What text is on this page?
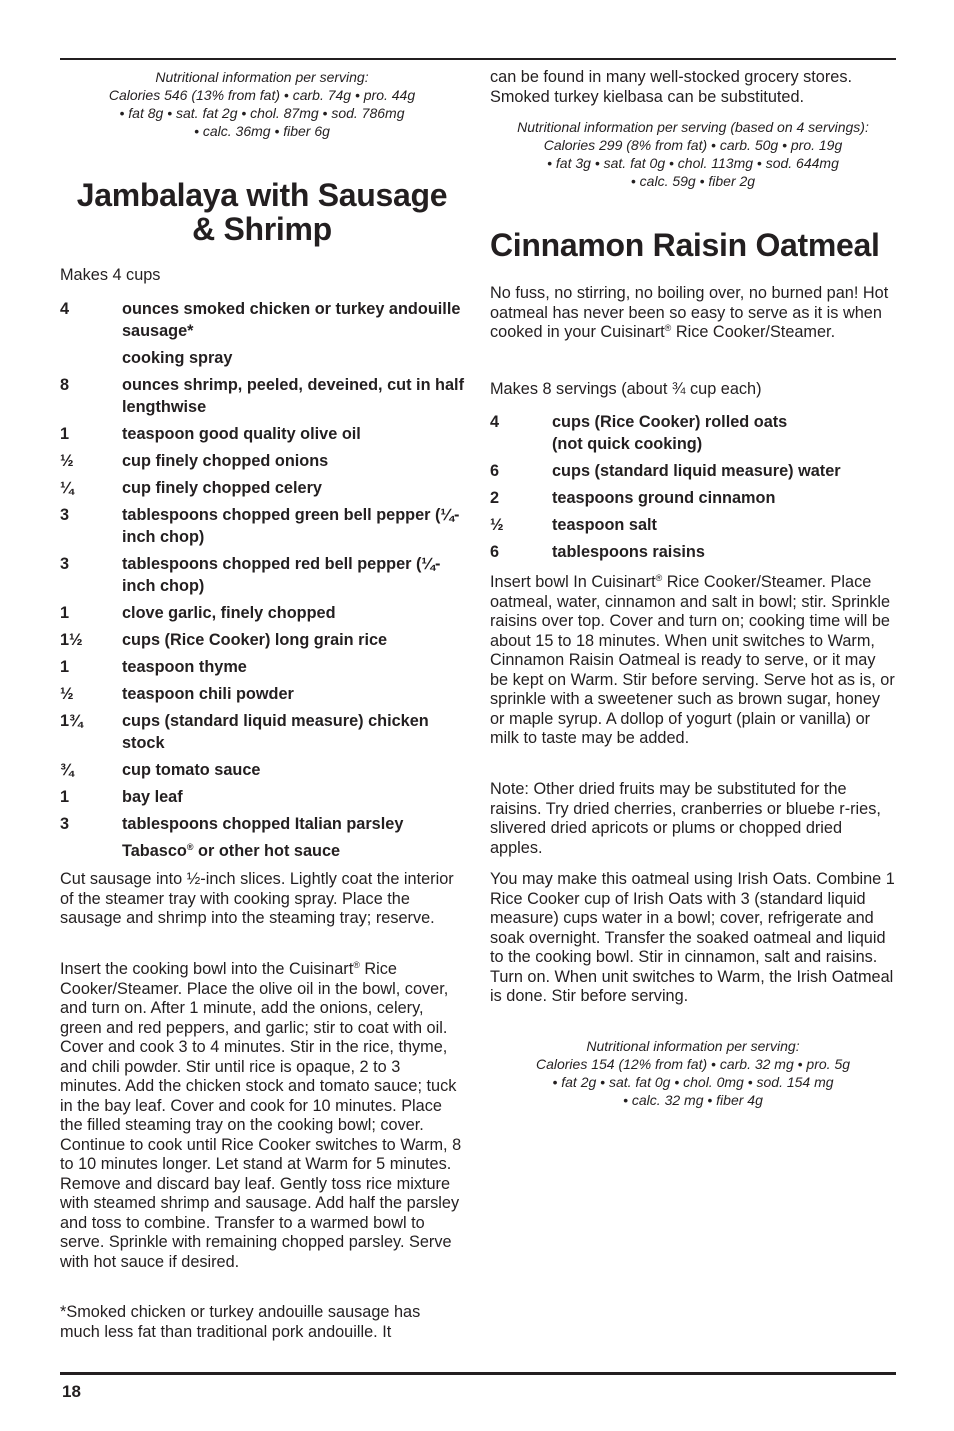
Nutritional information per serving:
Calories 546 (13% from fat) • carb. 74g • pro. 44g
• fat 8g • sat. fat 2g • chol. 87mg • sod. 786mg
• calc. 36mg • fiber 6g
Jambalaya with Sausage
& Shrimp
Makes 4 cups
4	ounces smoked chicken or turkey andouille sausage*
cooking spray
8	ounces shrimp, peeled, deveined, cut in half lengthwise
1	teaspoon good quality olive oil
½	cup finely chopped onions
¼	cup finely chopped celery
3	tablespoons chopped green bell pepper (¼-inch chop)
3	tablespoons chopped red bell pepper (¼-inch chop)
1	clove garlic, finely chopped
1½	cups (Rice Cooker) long grain rice
1	teaspoon thyme
½	teaspoon chili powder
1¾	cups (standard liquid measure) chicken stock
¾	cup tomato sauce
1	bay leaf
3	tablespoons chopped Italian parsley
Tabasco® or other hot sauce
Cut sausage into ½-inch slices. Lightly coat the interior of the steamer tray with cooking spray. Place the sausage and shrimp into the steaming tray; reserve.
Insert the cooking bowl into the Cuisinart® Rice Cooker/Steamer. Place the olive oil in the bowl, cover, and turn on. After 1 minute, add the onions, celery, green and red peppers, and garlic; stir to coat with oil. Cover and cook 3 to 4 minutes. Stir in the rice, thyme, and chili powder. Stir until rice is opaque, 2 to 3 minutes. Add the chicken stock and tomato sauce; tuck in the bay leaf. Cover and cook for 10 minutes. Place the filled steaming tray on the cooking bowl; cover. Continue to cook until Rice Cooker switches to Warm, 8 to 10 minutes longer. Let stand at Warm for 5 minutes. Remove and discard bay leaf. Gently toss rice mixture with steamed shrimp and sausage. Add half the parsley and toss to combine. Transfer to a warmed bowl to serve. Sprinkle with remaining chopped parsley. Serve with hot sauce if desired.
*Smoked chicken or turkey andouille sausage has much less fat than traditional pork andouille. It
can be found in many well-stocked grocery stores. Smoked turkey kielbasa can be substituted.
Nutritional information per serving (based on 4 servings):
Calories 299 (8% from fat) • carb. 50g • pro. 19g
• fat 3g • sat. fat 0g • chol. 113mg • sod. 644mg
• calc. 59g • fiber 2g
Cinnamon Raisin Oatmeal
No fuss, no stirring, no boiling over, no burned pan! Hot oatmeal has never been so easy to serve as it is when cooked in your Cuisinart® Rice Cooker/Steamer.
Makes 8 servings (about ¾ cup each)
4	cups (Rice Cooker) rolled oats (not quick cooking)
6	cups (standard liquid measure) water
2	teaspoons ground cinnamon
½	teaspoon salt
6	tablespoons raisins
Insert bowl In Cuisinart® Rice Cooker/Steamer. Place oatmeal, water, cinnamon and salt in bowl; stir. Sprinkle raisins over top. Cover and turn on; cooking time will be about 15 to 18 minutes. When unit switches to Warm, Cinnamon Raisin Oatmeal is ready to serve, or it may be kept on Warm. Stir before serving. Serve hot as is, or sprinkle with a sweetener such as brown sugar, honey or maple syrup. A dollop of yogurt (plain or vanilla) or milk to taste may be added.
Note: Other dried fruits may be substituted for the raisins. Try dried cherries, cranberries or bluebe r-ries, slivered dried apricots or plums or chopped dried apples.
You may make this oatmeal using Irish Oats. Combine 1 Rice Cooker cup of Irish Oats with 3 (standard liquid measure) cups water in a bowl; cover, refrigerate and soak overnight. Transfer the soaked oatmeal and liquid to the cooking bowl. Stir in cinnamon, salt and raisins. Turn on. When unit switches to Warm, the Irish Oatmeal is done. Stir before serving.
Nutritional information per serving:
Calories 154 (12% from fat) • carb. 32 mg • pro. 5g
• fat 2g • sat. fat 0g • chol. 0mg • sod. 154 mg
• calc. 32 mg • fiber 4g
18
